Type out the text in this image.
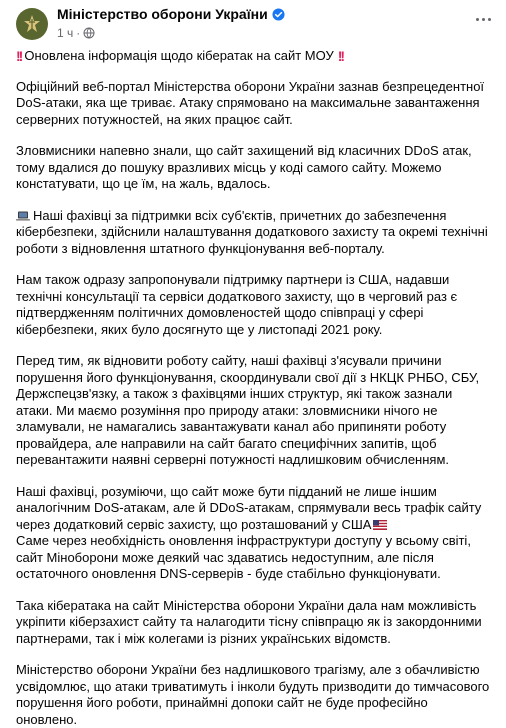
Міністерство оборони України
1 ч ·
!! Оновлена інформація щодо кібератак на сайт МОУ !!

Офіційний веб-портал Міністерства оборони України зазнав безпрецедентної DoS-атаки, яка ще триває. Атаку спрямовано на максимальне завантаження серверних потужностей, на яких працює сайт.

Зловмисники напевно знали, що сайт захищений від класичних DDoS атак, тому вдалися до пошуку вразливих місць у коді самого сайту. Можемо констатувати, що це їм, на жаль, вдалось.

Наші фахівці за підтримки всіх суб'єктів, причетних до забезпечення кібербезпеки, здійснили налаштування додаткового захисту та окремі технічні роботи з відновлення штатного функціонування веб-порталу.

Нам також одразу запропонували підтримку партнери із США, надавши технічні консультації та сервіси додаткового захисту, що в черговий раз є підтвердженням політичних домовленостей щодо співпраці у сфері кібербезпеки, яких було досягнуто ще у листопаді 2021 року.

Перед тим, як відновити роботу сайту, наші фахівці з'ясували причини порушення його функціонування, скоординували свої дії з НКЦК РНБО, СБУ, Держспецзв'язку, а також з фахівцями інших структур, які також зазнали атаки. Ми маємо розуміння про природу атаки: зловмисники нічого не зламували, не намагались завантажувати канал або припиняти роботу провайдера, але направили на сайт багато специфічних запитів, щоб перевантажити наявні серверні потужності надлишковим обчисленням.

Наші фахівці, розуміючи, що сайт може бути підданий не лише іншим аналогічним DoS-атакам, але й DDoS-атакам, спрямували весь трафік сайту через додатковий сервіс захисту, що розташований у США

Саме через необхідність оновлення інфраструктури доступу у всьому світі, сайт Міноборони може деякий час здаватись недоступним, але після остаточного оновлення DNS-серверів - буде стабільно функціонувати.

Така кібератака на сайт Міністерства оборони України дала нам можливість укріпити кіберзахист сайту та налагодити тісну співпрацю як із закордонними партнерами, так і між колегами із різних українських відомств.

Міністерство оборони України без надлишкового трагізму, але з обачливістю усвідомлює, що атаки триватимуть і інколи будуть призводити до тимчасового порушення його роботи, принаймні допоки сайт не буде професійно оновлено.
